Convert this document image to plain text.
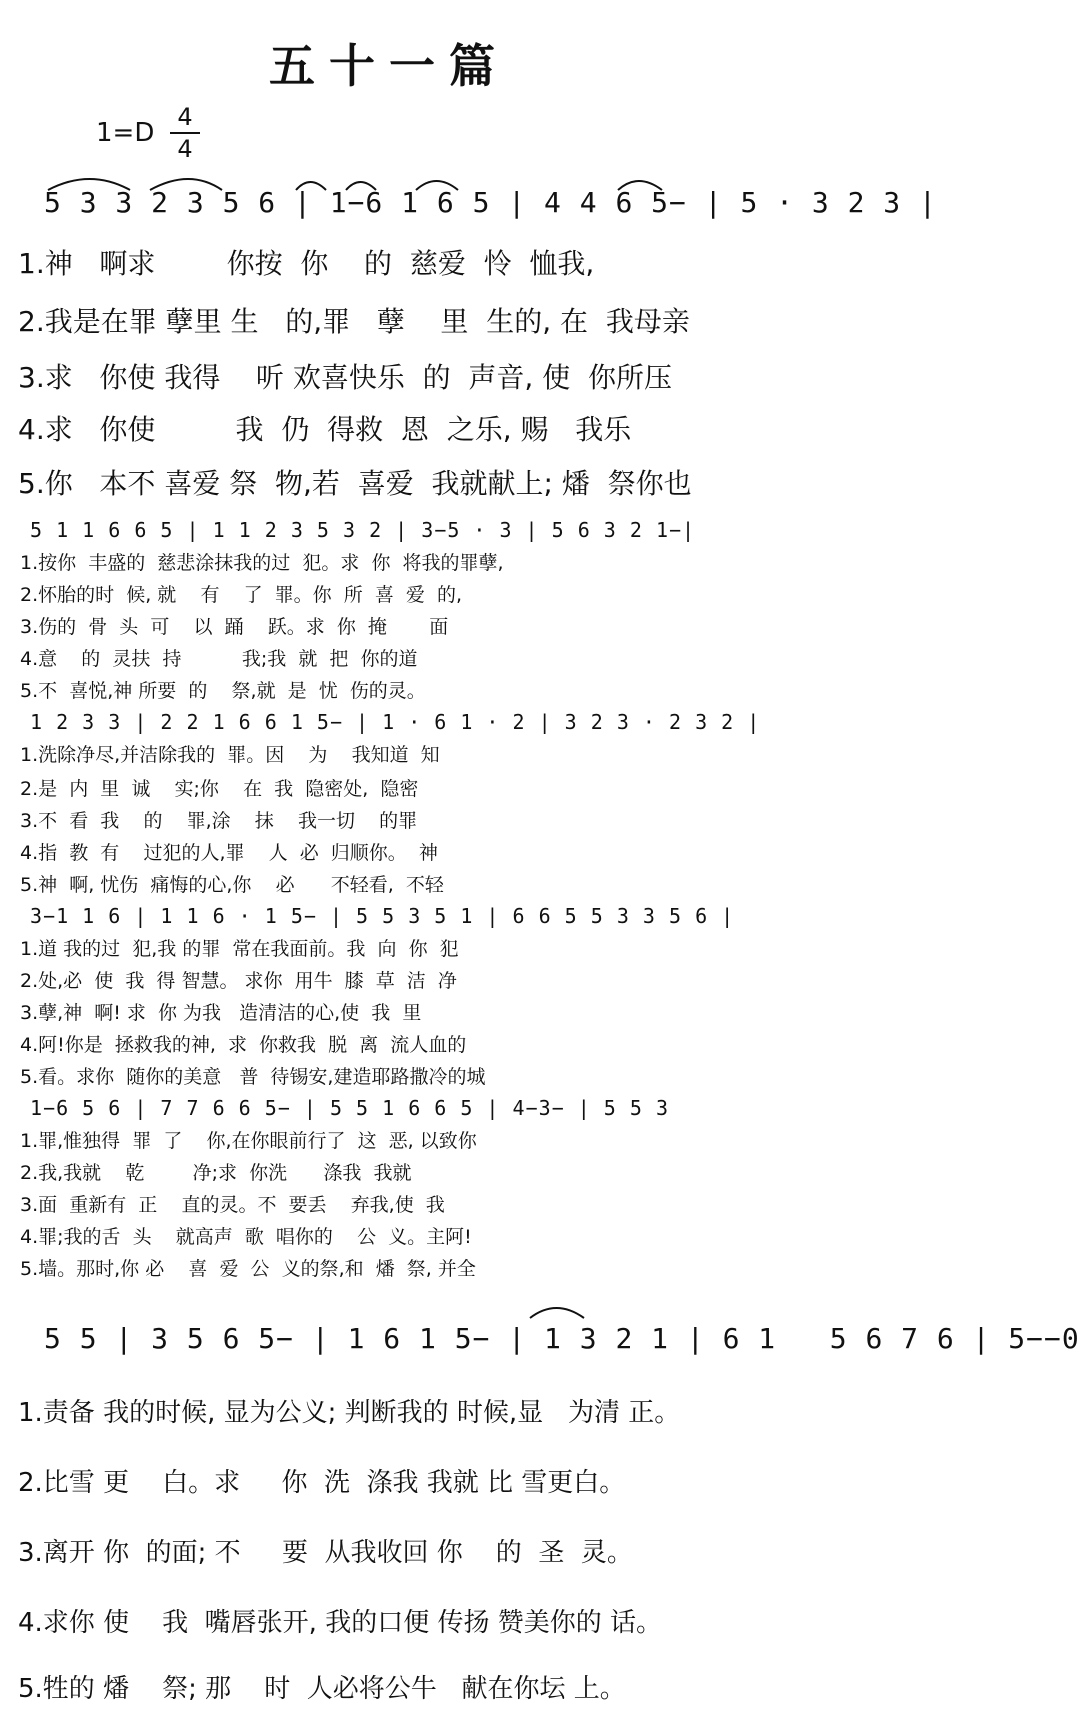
五十一篇
1=D
4
4
5 3 3 2 3 5 6 | 1−6 1 6 5 | 4 4 6 5− | 5 · 3 2 3 |
1.神   啊求        你按  你    的  慈爱  怜  恤我,
2.我是在罪 孽里 生   的,罪   孽    里  生的, 在  我母亲
3.求   你使 我得    听 欢喜快乐  的  声音, 使  你所压
4.求   你使         我  仍  得救  恩  之乐, 赐   我乐
5.你   本不 喜爱 祭  物,若  喜爱  我就献上; 燔  祭你也
5 1 1 6 6 5 | 1 1 2 3 5 3 2 | 3−5 · 3 | 5 6 3 2 1−|
1.按你  丰盛的  慈悲涂抹我的过  犯。求  你  将我的罪孽,
2.怀胎的时  候, 就    有    了  罪。你  所  喜  爱  的,
3.伤的  骨  头  可    以  踊    跃。求  你  掩       面
4.意    的  灵扶  持          我;我  就  把  你的道
5.不  喜悦,神 所要  的    祭,就  是  忧  伤的灵。
1 2 3 3 | 2 2 1 6 6 1 5− | 1 · 6 1 · 2 | 3 2 3 · 2 3 2 |
1.洗除净尽,并洁除我的  罪。因    为    我知道  知
2.是  内  里  诚    实;你    在  我  隐密处,  隐密
3.不  看  我    的    罪,涂    抹    我一切    的罪
4.指  教  有    过犯的人,罪    人  必  归顺你。  神
5.神  啊, 忧伤  痛悔的心,你    必      不轻看,  不轻
3−1 1 6 | 1 1 6 · 1 5− | 5 5 3 5 1 | 6 6 5 5 3 3 5 6 |
1.道 我的过  犯,我 的罪  常在我面前。我  向  你  犯
2.处,必  使  我  得 智慧。 求你  用牛  膝  草  洁  净
3.孽,神  啊! 求  你 为我   造清洁的心,使  我  里
4.阿!你是  拯救我的神,  求  你救我  脱  离  流人血的
5.看。求你  随你的美意   普  待锡安,建造耶路撒冷的城
1−6 5 6 | 7 7 6 6 5− | 5 5 1 6 6 5 | 4−3− | 5 5 3
1.罪,惟独得  罪  了    你,在你眼前行了  这  恶, 以致你
2.我,我就    乾        净;求  你洗      涤我  我就
3.面  重新有  正    直的灵。不  要丢    弃我,使  我
4.罪;我的舌  头    就高声  歌  唱你的    公  义。主阿!
5.墙。那时,你 必    喜  爱  公  义的祭,和  燔  祭, 并全
5 5 | 3 5 6 5− | 1 6 1 5− | 1 3 2 1 | 6 1   5 6 7 6 | 5−−0
1.责备 我的时候, 显为公义; 判断我的 时候,显   为清 正。
2.比雪 更    白。求     你  洗  涤我 我就 比 雪更白。
3.离开 你  的面; 不     要  从我收回 你    的  圣  灵。
4.求你 使    我  嘴唇张开, 我的口便 传扬 赞美你的 话。
5.牲的 燔    祭; 那    时  人必将公牛   献在你坛 上。
